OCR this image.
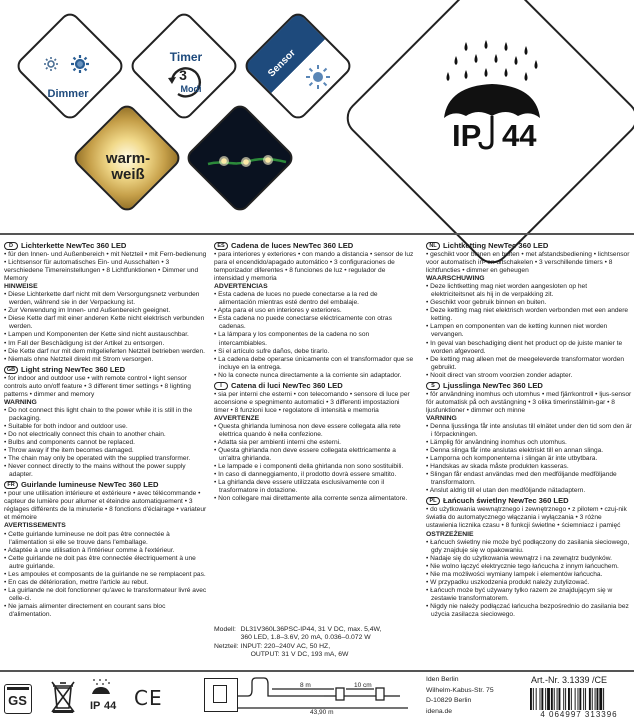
Dimmer
Timer
3
Modi
Sensor
warm-
weiß
IP 44
D	Lichterkette NewTec 360 LED

• für den Innen- und Außenbereich • mit Netzteil • mit Fern-bedienung • Lichtsensor für automatisches Ein- und Ausschalten • 3 verschiedene Timereinstellungen • 8 Lichtfunktionen • Dimmer und Memory

HINWEISE

• Diese Lichterkette darf nicht mit dem Versorgungsnetz verbunden werden, während sie in der Verpackung ist.

• Zur Verwendung im Innen- und Außenbereich geeignet.

• Diese Kette darf mit einer anderen Kette nicht elektrisch verbunden werden.

• Lampen und Komponenten der Kette sind nicht austauschbar.

• Im Fall der Beschädigung ist der Artikel zu entsorgen.

• Die Kette darf nur mit dem mitgelieferten Netzteil betrieben werden.

• Niemals ohne Netzteil direkt mit Strom versorgen.

GB Light string NewTec 360 LED

• for indoor and outdoor use • with remote control • light sensor controls auto on/off feature • 3 different timer settings • 8 lighting patterns • dimmer and memory

WARNING

• Do not connect this light chain to the power while it is still in the packaging.

• Suitable for both indoor and outdoor use.

• Do not electrically connect this chain to another chain.

• Bulbs and components cannot be replaced.

• Throw away if the item becomes damaged.

• The chain may only be operated with the supplied transformer.

• Never connect directly to the mains without the power supply adapter.

FR Guirlande lumineuse NewTec 360 LED

• pour une utilisation intérieure et extérieure • avec télécommande • capteur de lumière pour allumer et éteindre automatiquement • 3 réglages différents de la minuterie • 8 fonctions d'éclairage • variateur et mémoire

AVERTISSEMENTS

• Cette guirlande lumineuse ne doit pas être connectée à l'alimentation si elle se trouve dans l'emballage.

• Adaptée à une utilisation à l'intérieur comme à l'extérieur.

• Cette guirlande ne doit pas être connectée électriquement à une autre guirlande.

• Les ampoules et composants de la guirlande ne se remplacent pas.

• En cas de détérioration, mettre l'article au rebut.

• La guirlande ne doit fonctionner qu'avec le transformateur livré avec celle-ci.

• Ne jamais alimenter directement en courant sans bloc d'alimentation.

ES Cadena de luces NewTec 360 LED

• para interiores y exteriores • con mando a distancia • sensor de luz para el encendido/apagado automático • 3 configuraciones de temporizador diferentes • 8 funciones de luz • regulador de intensidad y memoria

ADVERTENCIAS

• Esta cadena de luces no puede conectarse a la red de alimentación mientras esté dentro del embalaje.

• Apta para el uso en interiores y exteriores.

• Esta cadena no puede conectarse eléctricamente con otras cadenas.

• La lámpara y los componentes de la cadena no son intercambiables.

• Si el artículo sufre daños, debe tirarlo.

• La cadena debe operarse únicamente con el transformador que se incluye en la entrega.

• No la conecte nunca directamente a la corriente sin adaptador.

I	Catena di luci NewTec 360 LED

• sia per interni che esterni • con telecomando • sensore di luce per accensione e spegnimento automatici • 3 differenti impostazioni timer • 8 funzioni luce • regolatore di intensità e memoria

AVVERTENZE

• Questa ghirlanda luminosa non deve essere collegata alla rete elettrica quando è nella confezione.

• Adatta sia per ambienti interni che esterni.

• Questa ghirlanda non deve essere collegata elettricamente a un'altra ghirlanda.

• Le lampade e i componenti della ghirlanda non sono sostituibili.

• In caso di danneggiamento, il prodotto dovrà essere smaltito.

• La ghirlanda deve essere utilizzata esclusivamente con il trasformatore in dotazione.

• Non collegare mai direttamente alla corrente senza alimentatore.

NL Lichtketting NewTec 360 LED

• geschikt voor binnen en buiten • met afstandsbediening • lichtsensor voor automatisch in- en uitschakelen • 3 verschillende timers • 8 lichtfuncties • dimmer en geheugen

WAARSCHUWING

• Deze lichtketting mag niet worden aangesloten op het elektriciteitsnet als hij in de verpakking zit.

• Geschikt voor gebruik binnen en buiten.

• Deze ketting mag niet elektrisch worden verbonden met een andere ketting.

• Lampen en componenten van de ketting kunnen niet worden vervangen.

• In geval van beschadiging dient het product op de juiste manier te worden afgevoerd.

• De ketting mag alleen met de meegeleverde transformator worden gebruikt.

• Nooit direct van stroom voorzien zonder adapter.

S	Ljusslinga NewTec 360 LED

• för användning inomhus och utomhus • med fjärrkontroll • ljus-sensor för automatisk på och avstängning • 3 olika timerinställnin-gar • 8 ljusfunktioner • dimmer och minne

VARNING

• Denna ljusslinga får inte anslutas till elnätet under den tid som den är i förpackningen.

• Lämplig för användning inomhus och utomhus.

• Denna slinga får inte anslutas elektriskt till en annan slinga.

• Lamporna och komponenterna i slingan är inte utbytbara.

• Handskas av skada måste produkten kasseras.

• Slingan får endast användas med den medföljande medföljande transformatorn.

• Anslut aldrig till el utan den medföljande nätadaptern.

PL Łańcuch świetlny NewTec 360 LED

• do użytkowania wewnątrznego i zewnętrznego • z pilotem • czuj-nik światła do automatycznego włączania i wyłączania • 3 różne ustawienia licznika czasu • 8 funkcji świetlne • ściemniacz i pamięć

OSTRZEŻENIE

• Łańcuch świetlny nie może być podłączony do zasilania sieciowego, gdy znajduje się w opakowaniu.

• Nadaje się do użytkowania wewnątrz i na zewnątrz budynków.

• Nie wolno łączyć elektrycznie tego łańcucha z innym łańcuchem.

• Nie ma możliwości wymiany lampek i elementów łańcucha.

• W przypadku uszkodzenia produkt należy zutylizować.

• Łańcuch może być używany tylko razem ze znajdującym się w zestawie transformatorem.

• Nigdy nie należy podłączać łańcucha bezpośrednio do zasilania bez użycia zasilacza sieciowego.

Modell:	DL31V360L36PSC-IP44, 31 V DC, max. 5,4W,
	360 LED, 1.8–3.6V, 20 mA, 0.036–0.072 W
Netzteil:	INPUT: 220–240V AC, 50 HZ,
	OUTPUT: 31 V DC, 193 mA, 6W
GS	IP 44 CE
8 m	10 cm
43,90 m
Iden Berlin
Wilhelm-Kabus-Str. 75
D-10829 Berlin
idena.de
Art.-Nr. 3.1339 /CE
4 064997 313396
